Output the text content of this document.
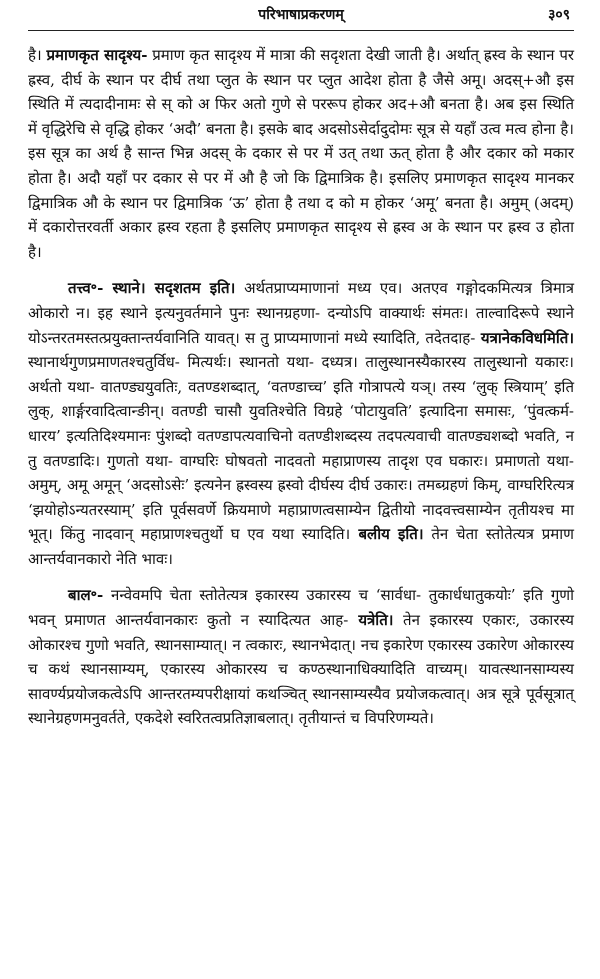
परिभाषाप्रकरणम्	३०९

है। प्रमाणकृत सादृश्य- प्रमाण कृत सादृश्य में मात्रा की सदृशता देखी जाती है। अर्थात् ह्रस्व के स्थान पर ह्रस्व, दीर्घ के स्थान पर दीर्घ तथा प्लुत के स्थान पर प्लुत आदेश होता है जैसे अमू। अदस्+औ इस स्थिति में त्यदादीनामः से स् को अ फिर अतो गुणे से पररूप होकर अद+औ बनता है। अब इस स्थिति में वृद्धिरेचि से वृद्धि होकर ‘अदौ’ बनता है। इसके बाद अदसोऽसेर्दादुदोमः सूत्र से यहाँ उत्व मत्व होना है। इस सूत्र का अर्थ है सान्त भिन्न अदस् के दकार से पर में उत् तथा ऊत् होता है और दकार को मकार होता है। अदौ यहाँ पर दकार से पर में औ है जो कि द्विमात्रिक है। इसलिए प्रमाणकृत सादृश्य मानकर द्विमात्रिक औ के स्थान पर द्विमात्रिक ‘ऊ’ होता है तथा द को म होकर ‘अमू’ बनता है। अमुम् (अदम्) में दकारोत्तरवर्ती अकार ह्रस्व रहता है इसलिए प्रमाणकृत सादृश्य से ह्रस्व अ के स्थान पर ह्रस्व उ होता है।

तत्त्व॰- स्थाने। सदृशतम इति। अर्थतप्राप्यमाणानां मध्य एव। अतएव गङ्गोदकमित्यत्र त्रिमात्र ओकारो न। इह स्थाने इत्यनुवर्तमाने पुनः स्थानग्रहणा- दन्योऽपि वाक्यार्थः संमतः। ताल्वादिरूपे स्थाने योऽन्तरतमस्तत्प्रयुक्तान्तर्यवानिति यावत्। स तु प्राप्यमाणानां मध्ये स्यादिति, तदेतदाह- यत्रानेकविधमिति। स्थानार्थगुणप्रमाणतश्चतुर्विध- मित्यर्थः। स्थानतो यथा- दध्यत्र। तालुस्थानस्यैकारस्य तालुस्थानो यकारः। अर्थतो यथा- वातण्ड्ययुवतिः, वतण्डशब्दात्, ‘वतण्डाच्च’ इति गोत्रापत्ये यञ्। तस्य ‘लुक् स्त्रियाम्’ इति लुक्, शार्ङ्गरवादित्वान्ङीन्। वतण्डी चासौ युवतिश्चेति विग्रहे ‘पोटायुवति’ इत्यादिना समासः, ‘पुंवत्कर्म- धारय’ इत्यतिदिश्यमानः पुंशब्दो वतण्डापत्यवाचिनो वतण्डीशब्दस्य तदपत्यवाची वातण्ड्यशब्दो भवति, न तु वतण्डादिः। गुणतो यथा- वाग्घरिः घोषवतो नादवतो महाप्राणस्य तादृश एव घकारः। प्रमाणतो यथा- अमुम्, अमू अमून् ‘अदसोऽसेः’ इत्यनेन ह्रस्वस्य ह्रस्वो दीर्घस्य दीर्घ उकारः। तमब्ग्रहणं किम्, वाग्घरिरित्यत्र ‘झयोहोऽन्यतरस्याम्’ इति पूर्वसवर्णे क्रियमाणे महाप्राणत्वसाम्येन द्वितीयो नादवत्त्वसाम्येन तृतीयश्च मा भूत्। किंतु नादवान् महाप्राणश्चतुर्थो घ एव यथा स्यादिति। बलीय इति। तेन चेता स्तोतेत्यत्र प्रमाण आन्तर्यवानकारो नेति भावः।

बाल॰- नन्वेवमपि चेता स्तोतेत्यत्र इकारस्य उकारस्य च ‘सार्वधा- तुकार्धधातुकयोः’ इति गुणो भवन् प्रमाणत आन्तर्यवानकारः कुतो न स्यादित्यत आह- यत्रेति। तेन इकारस्य एकारः, उकारस्य ओकारश्च गुणो भवति, स्थानसाम्यात्। न त्वकारः, स्थानभेदात्। नच इकारेण एकारस्य उकारेण ओकारस्य च कथं स्थानसाम्यम्, एकारस्य ओकारस्य च कण्ठस्थानाधिक्यादिति वाच्यम्। यावत्स्थानसाम्यस्य सावर्ण्यप्रयोजकत्वेऽपि आन्तरतम्यपरीक्षायां कथञ्चित् स्थानसाम्यस्यैव प्रयोजकत्वात्। अत्र सूत्रे पूर्वसूत्रात् स्थानेग्रहणमनुवर्तते, एकदेशे स्वरितत्वप्रतिज्ञाबलात्। तृतीयान्तं च विपरिणम्यते।
